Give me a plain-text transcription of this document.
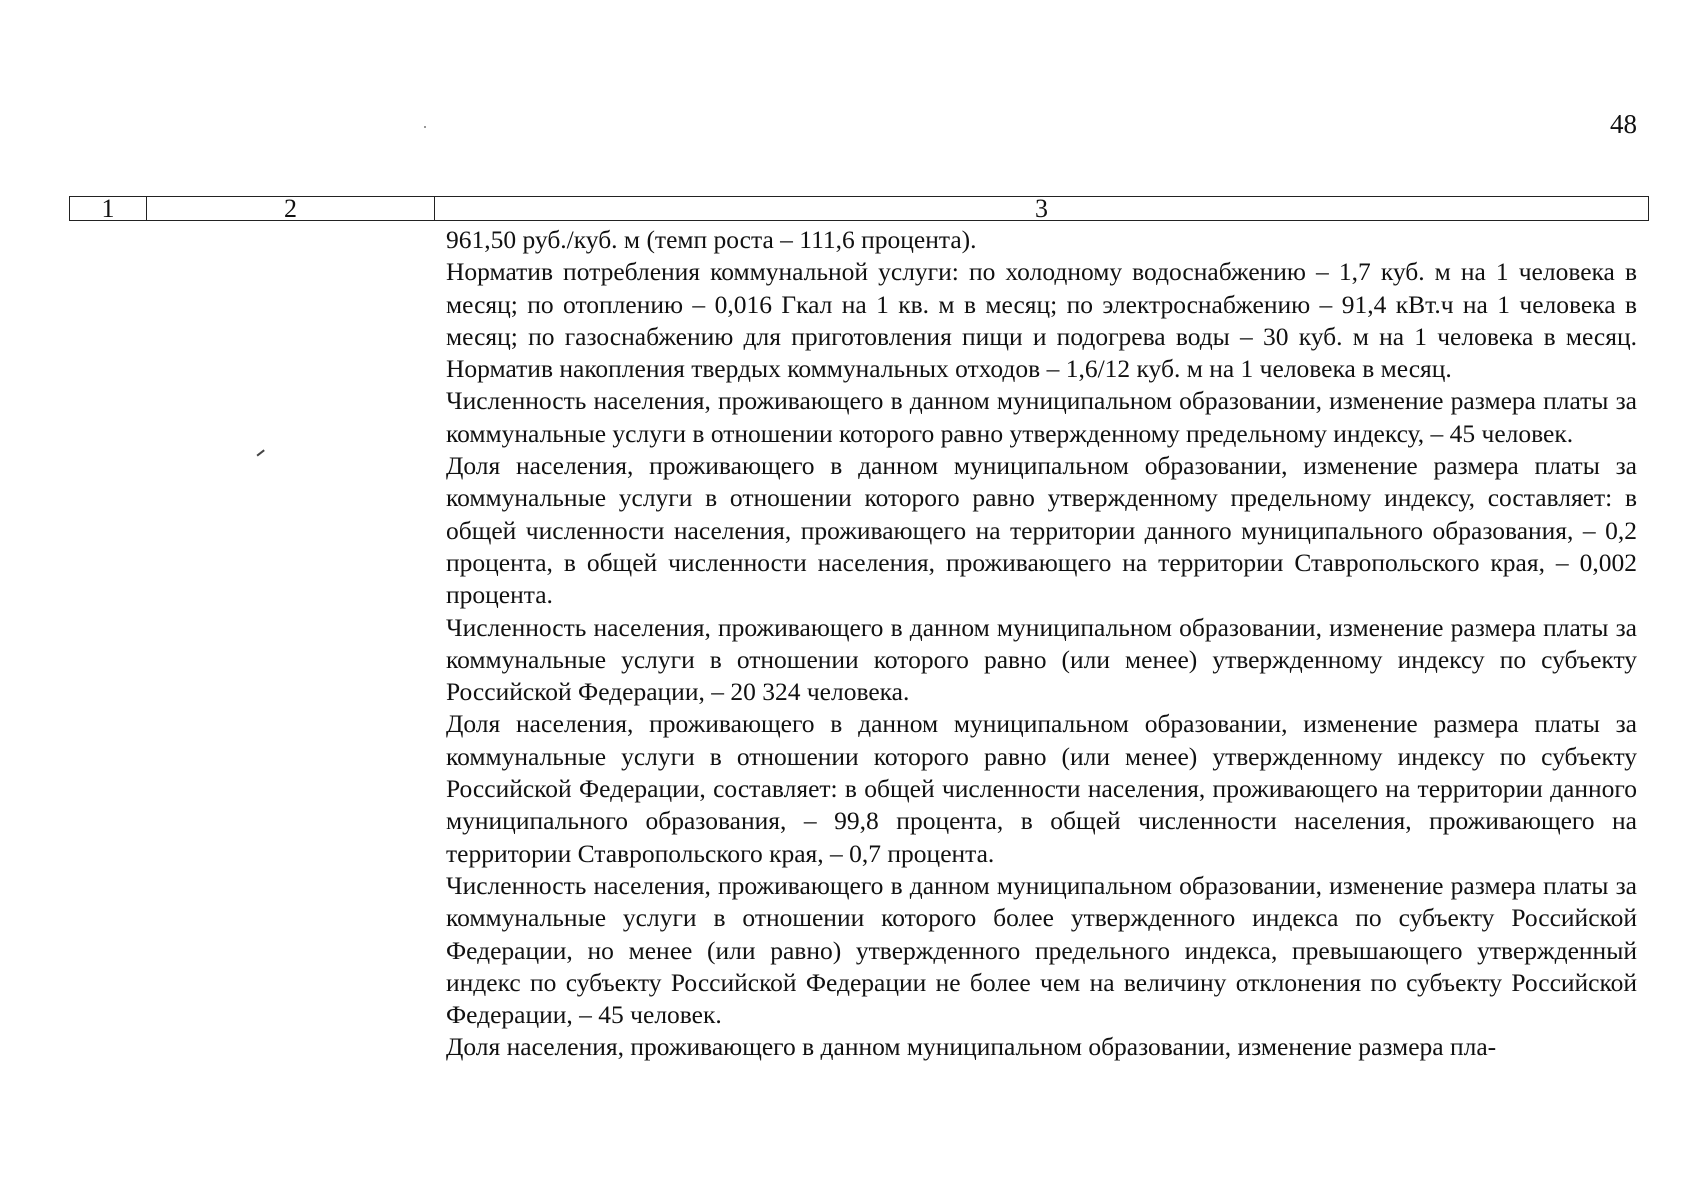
48
1	2	3

961,50 руб./куб. м (темп роста – 111,6 процента).

Норматив потребления коммунальной услуги: по холодному водоснабжению – 1,7 куб. м на 1 человека в месяц; по отоплению – 0,016 Гкал на 1 кв. м в месяц; по электроснабжению – 91,4 кВт.ч на 1 человека в месяц; по газоснабжению для приготовления пищи и подогрева воды – 30 куб. м на 1 человека в месяц. Норматив накопления твердых коммунальных отходов – 1,6/12 куб. м на 1 человека в месяц.

Численность населения, проживающего в данном муниципальном образовании, изменение размера платы за коммунальные услуги в отношении которого равно утвержденному предельному индексу, – 45 человек.

Доля населения, проживающего в данном муниципальном образовании, изменение размера платы за коммунальные услуги в отношении которого равно утвержденному предельному индексу, составляет: в общей численности населения, проживающего на территории данного муниципального образования, – 0,2 процента, в общей численности населения, проживающего на территории Ставропольского края, – 0,002 процента.

Численность населения, проживающего в данном муниципальном образовании, изменение размера платы за коммунальные услуги в отношении которого равно (или менее) утвержденному индексу по субъекту Российской Федерации, – 20 324 человека.

Доля населения, проживающего в данном муниципальном образовании, изменение размера платы за коммунальные услуги в отношении которого равно (или менее) утвержденному индексу по субъекту Российской Федерации, составляет: в общей численности населения, проживающего на территории данного муниципального образования, – 99,8 процента, в общей численности населения, проживающего на территории Ставропольского края, – 0,7 процента.

Численность населения, проживающего в данном муниципальном образовании, изменение размера платы за коммунальные услуги в отношении которого более утвержденного индекса по субъекту Российской Федерации, но менее (или равно) утвержденного предельного индекса, превышающего утвержденный индекс по субъекту Российской Федерации не более чем на величину отклонения по субъекту Российской Федерации, – 45 человек.

Доля населения, проживающего в данном муниципальном образовании, изменение размера пла-
